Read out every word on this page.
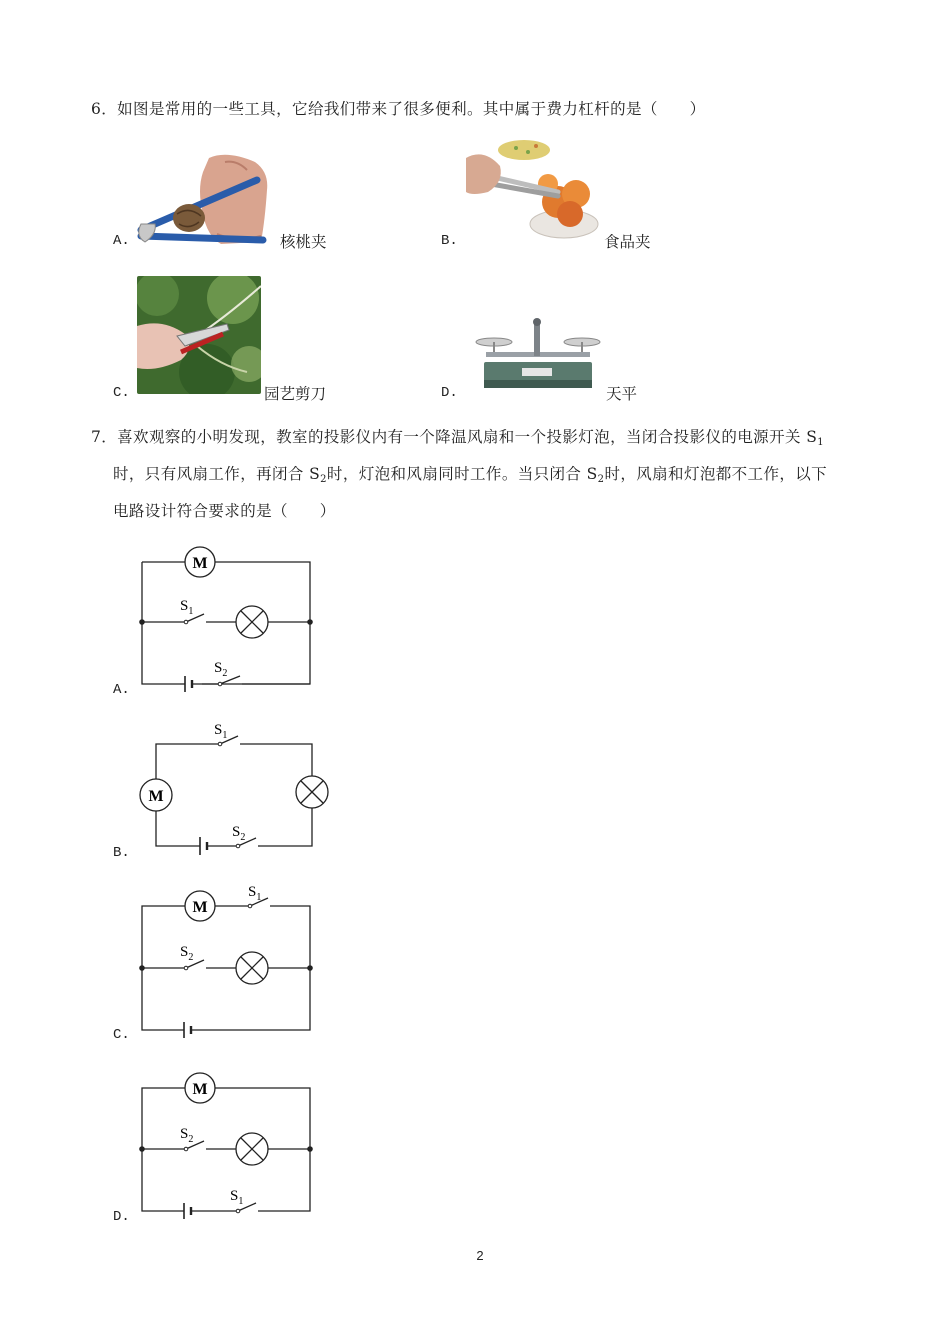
6．如图是常用的一些工具，它给我们带来了很多便利。其中属于费力杠杆的是（　　）
A.	核桃夹	B.	食品夹
C.	园艺剪刀	D.	天平
7．喜欢观察的小明发现，教室的投影仪内有一个降温风扇和一个投影灯泡，当闭合投影仪的电源开关 $S_1$
时，只有风扇工作，再闭合 $S_2$时，灯泡和风扇同时工作。当只闭合 $S_2$时，风扇和灯泡都不工作，以下
电路设计符合要求的是（　　）
A.
M
$S_1$
$S_2$
B.
M
$S_1$
$S_2$
C.
M
$S_1$
$S_2$
D.
M
$S_2$
$S_1$
2
